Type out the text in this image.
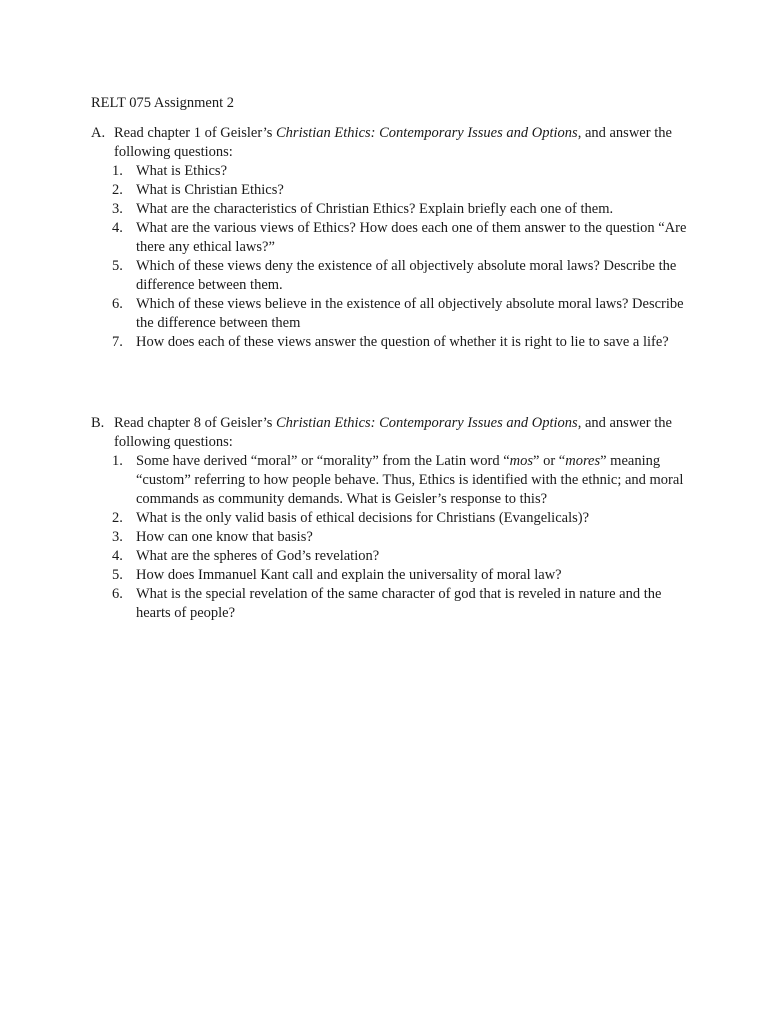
RELT 075 Assignment 2
A. Read chapter 1 of Geisler’s Christian Ethics: Contemporary Issues and Options, and answer the following questions:
1. What is Ethics?
2. What is Christian Ethics?
3. What are the characteristics of Christian Ethics? Explain briefly each one of them.
4. What are the various views of Ethics? How does each one of them answer to the question “Are there any ethical laws?”
5. Which of these views deny the existence of all objectively absolute moral laws? Describe the difference between them.
6. Which of these views believe in the existence of all objectively absolute moral laws? Describe the difference between them
7. How does each of these views answer the question of whether it is right to lie to save a life?
B. Read chapter 8 of Geisler’s Christian Ethics: Contemporary Issues and Options, and answer the following questions:
1. Some have derived “moral” or “morality” from the Latin word “mos” or “mores” meaning “custom” referring to how people behave. Thus, Ethics is identified with the ethnic; and moral commands as community demands. What is Geisler’s response to this?
2. What is the only valid basis of ethical decisions for Christians (Evangelicals)?
3. How can one know that basis?
4. What are the spheres of God’s revelation?
5. How does Immanuel Kant call and explain the universality of moral law?
6. What is the special revelation of the same character of god that is reveled in nature and the hearts of people?
